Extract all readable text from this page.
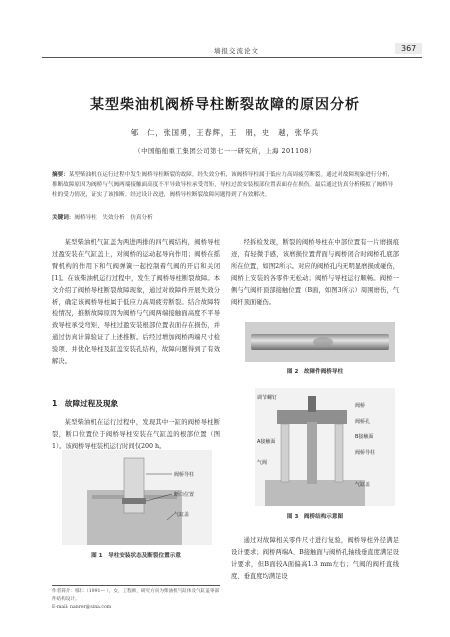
墙报交流论文	367
某型柴油机阀桥导柱断裂故障的原因分析
郇　仁，张国勇，王春辉，王　朋，史　越，张华兵
（中国船舶重工集团公司第七一一研究所，上海 201108）
摘要：某型柴油机在运行过程中发生阀桥导柱断裂的故障。经失效分析，该阀桥导柱属于低应力高周疲劳断裂。通过对故障现象进行分析，推断故障原因为阀桥与气阀两端接触面高度不平导致导柱承受弯矩，导柱过盈安装根部位置表面存在损伤。最后通过仿真分析模拟了阀桥导柱的受力情况，证实了该推断。经过设计改进，阀桥导柱断裂故障问题得到了有效解决。
关键词：阀桥导柱　失效分析　仿真分析

某型柴油机气缸盖为两进两排的四气阀结构，阀桥导柱过盈安装在气缸盖上，对阀桥的运动起导向作用；阀桥在摇臂机构的作用下和气阀弹簧一起控制着气阀的开启和关闭[1]。在该柴油机运行过程中，发生了阀桥导柱断裂故障。本文介绍了阀桥导柱断裂故障现象，通过对故障件开展失效分析，确定该阀桥导柱属于低应力高周疲劳断裂。结合故障特检情况，推断故障原因为阀桥与气阀两端接触面高度不平导致导柱承受弯矩、导柱过盈安装根部位置表面存在损伤，并通过仿真计算验证了上述推断。后经过增加阀桥两端尺寸检验项、并优化导柱及缸盖安装孔结构，故障问题得到了有效解决。

1　故障过程及现象

某型柴油机在运行过程中，发现其中一缸的阀桥导柱断裂，断口位置位于阀桥导柱安装在气缸盖的根部位置（图1）。该阀桥导柱装机运行时间仅200 h。

阀桥导柱
断口位置
气缸盖
图 1　导柱安装状态及断裂位置示意
作者简介：郇仁（1991— ），女，工程师，研究方向为柴油机气缸体及气缸盖零部件结构设计。
E-mail: nanrer@sina.com

经拆检发现，断裂的阀桥导柱在中部位置有一片磨损痕迹，有轻微手感，该磨损位置背面与阀桥闭合时阀桥孔底部所在位置，如图2所示。对应的阀桥孔内无明显磨损或碰伤，阀桥上安装的各零件无松动；阀桥与导柱运行顺畅。阀桥一侧与气阀杆顶部接触位置（B面，如图3所示）周围磨伤，气阀杆顶面碰伤。

图 2　故障件阀桥导柱
调节螺钉
阀桥
阀桥孔
B接触面
A接触面
阀桥导柱
气阀
气缸盖
图 3　阀桥结构示意图

通过对故障相关零件尺寸进行复验，阀桥导柱外径满足设计要求；阀桥两端A、B接触面与阀桥孔轴线垂直度满足设计要求，但B面较A面偏高1.3 mm左右；气阀的阀杆直线度、垂直度均满足设
